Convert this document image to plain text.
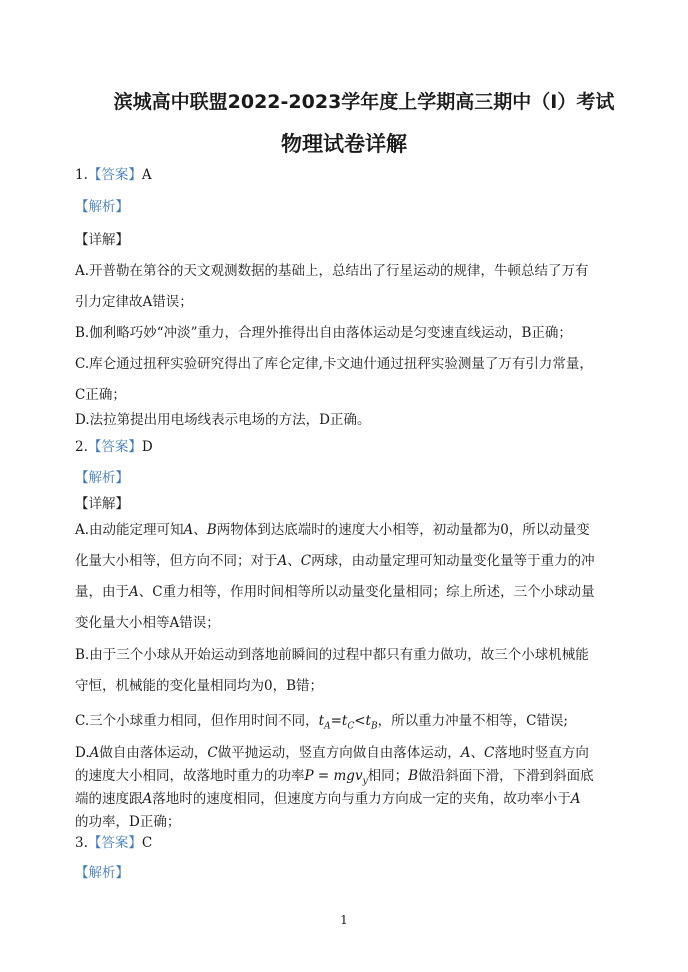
滨城高中联盟2022-2023学年度上学期高三期中（Ⅰ）考试
物理试卷详解
1.【答案】A
【解析】
【详解】
A.开普勒在第谷的天文观测数据的基础上，总结出了行星运动的规律，牛顿总结了万有
引力定律故A错误；
B.伽利略巧妙“冲淡”重力，合理外推得出自由落体运动是匀变速直线运动，B正确；
C.库仑通过扭秤实验研究得出了库仑定律,卡文迪什通过扭秤实验测量了万有引力常量，
C正确；
D.法拉第提出用电场线表示电场的方法，D正确。
2.【答案】D
【解析】
【详解】
A.由动能定理可知A、B两物体到达底端时的速度大小相等，初动量都为0，所以动量变
化量大小相等，但方向不同；对于A、C两球，由动量定理可知动量变化量等于重力的冲
量，由于A、C重力相等，作用时间相等所以动量变化量相同；综上所述，三个小球动量
变化量大小相等A错误；
B.由于三个小球从开始运动到落地前瞬间的过程中都只有重力做功，故三个小球机械能
守恒，机械能的变化量相同均为0，B错；
C.三个小球重力相同，但作用时间不同，$t_A=t_C<t_B$，所以重力冲量不相等，C错误;
D.A做自由落体运动，C做平抛运动，竖直方向做自由落体运动，A、C落地时竖直方向
的速度大小相同，故落地时重力的功率P = mgv$_y$相同；B做沿斜面下滑，下滑到斜面底
端的速度跟A落地时的速度相同，但速度方向与重力方向成一定的夹角，故功率小于A
的功率，D正确；
3.【答案】C
【解析】
1
